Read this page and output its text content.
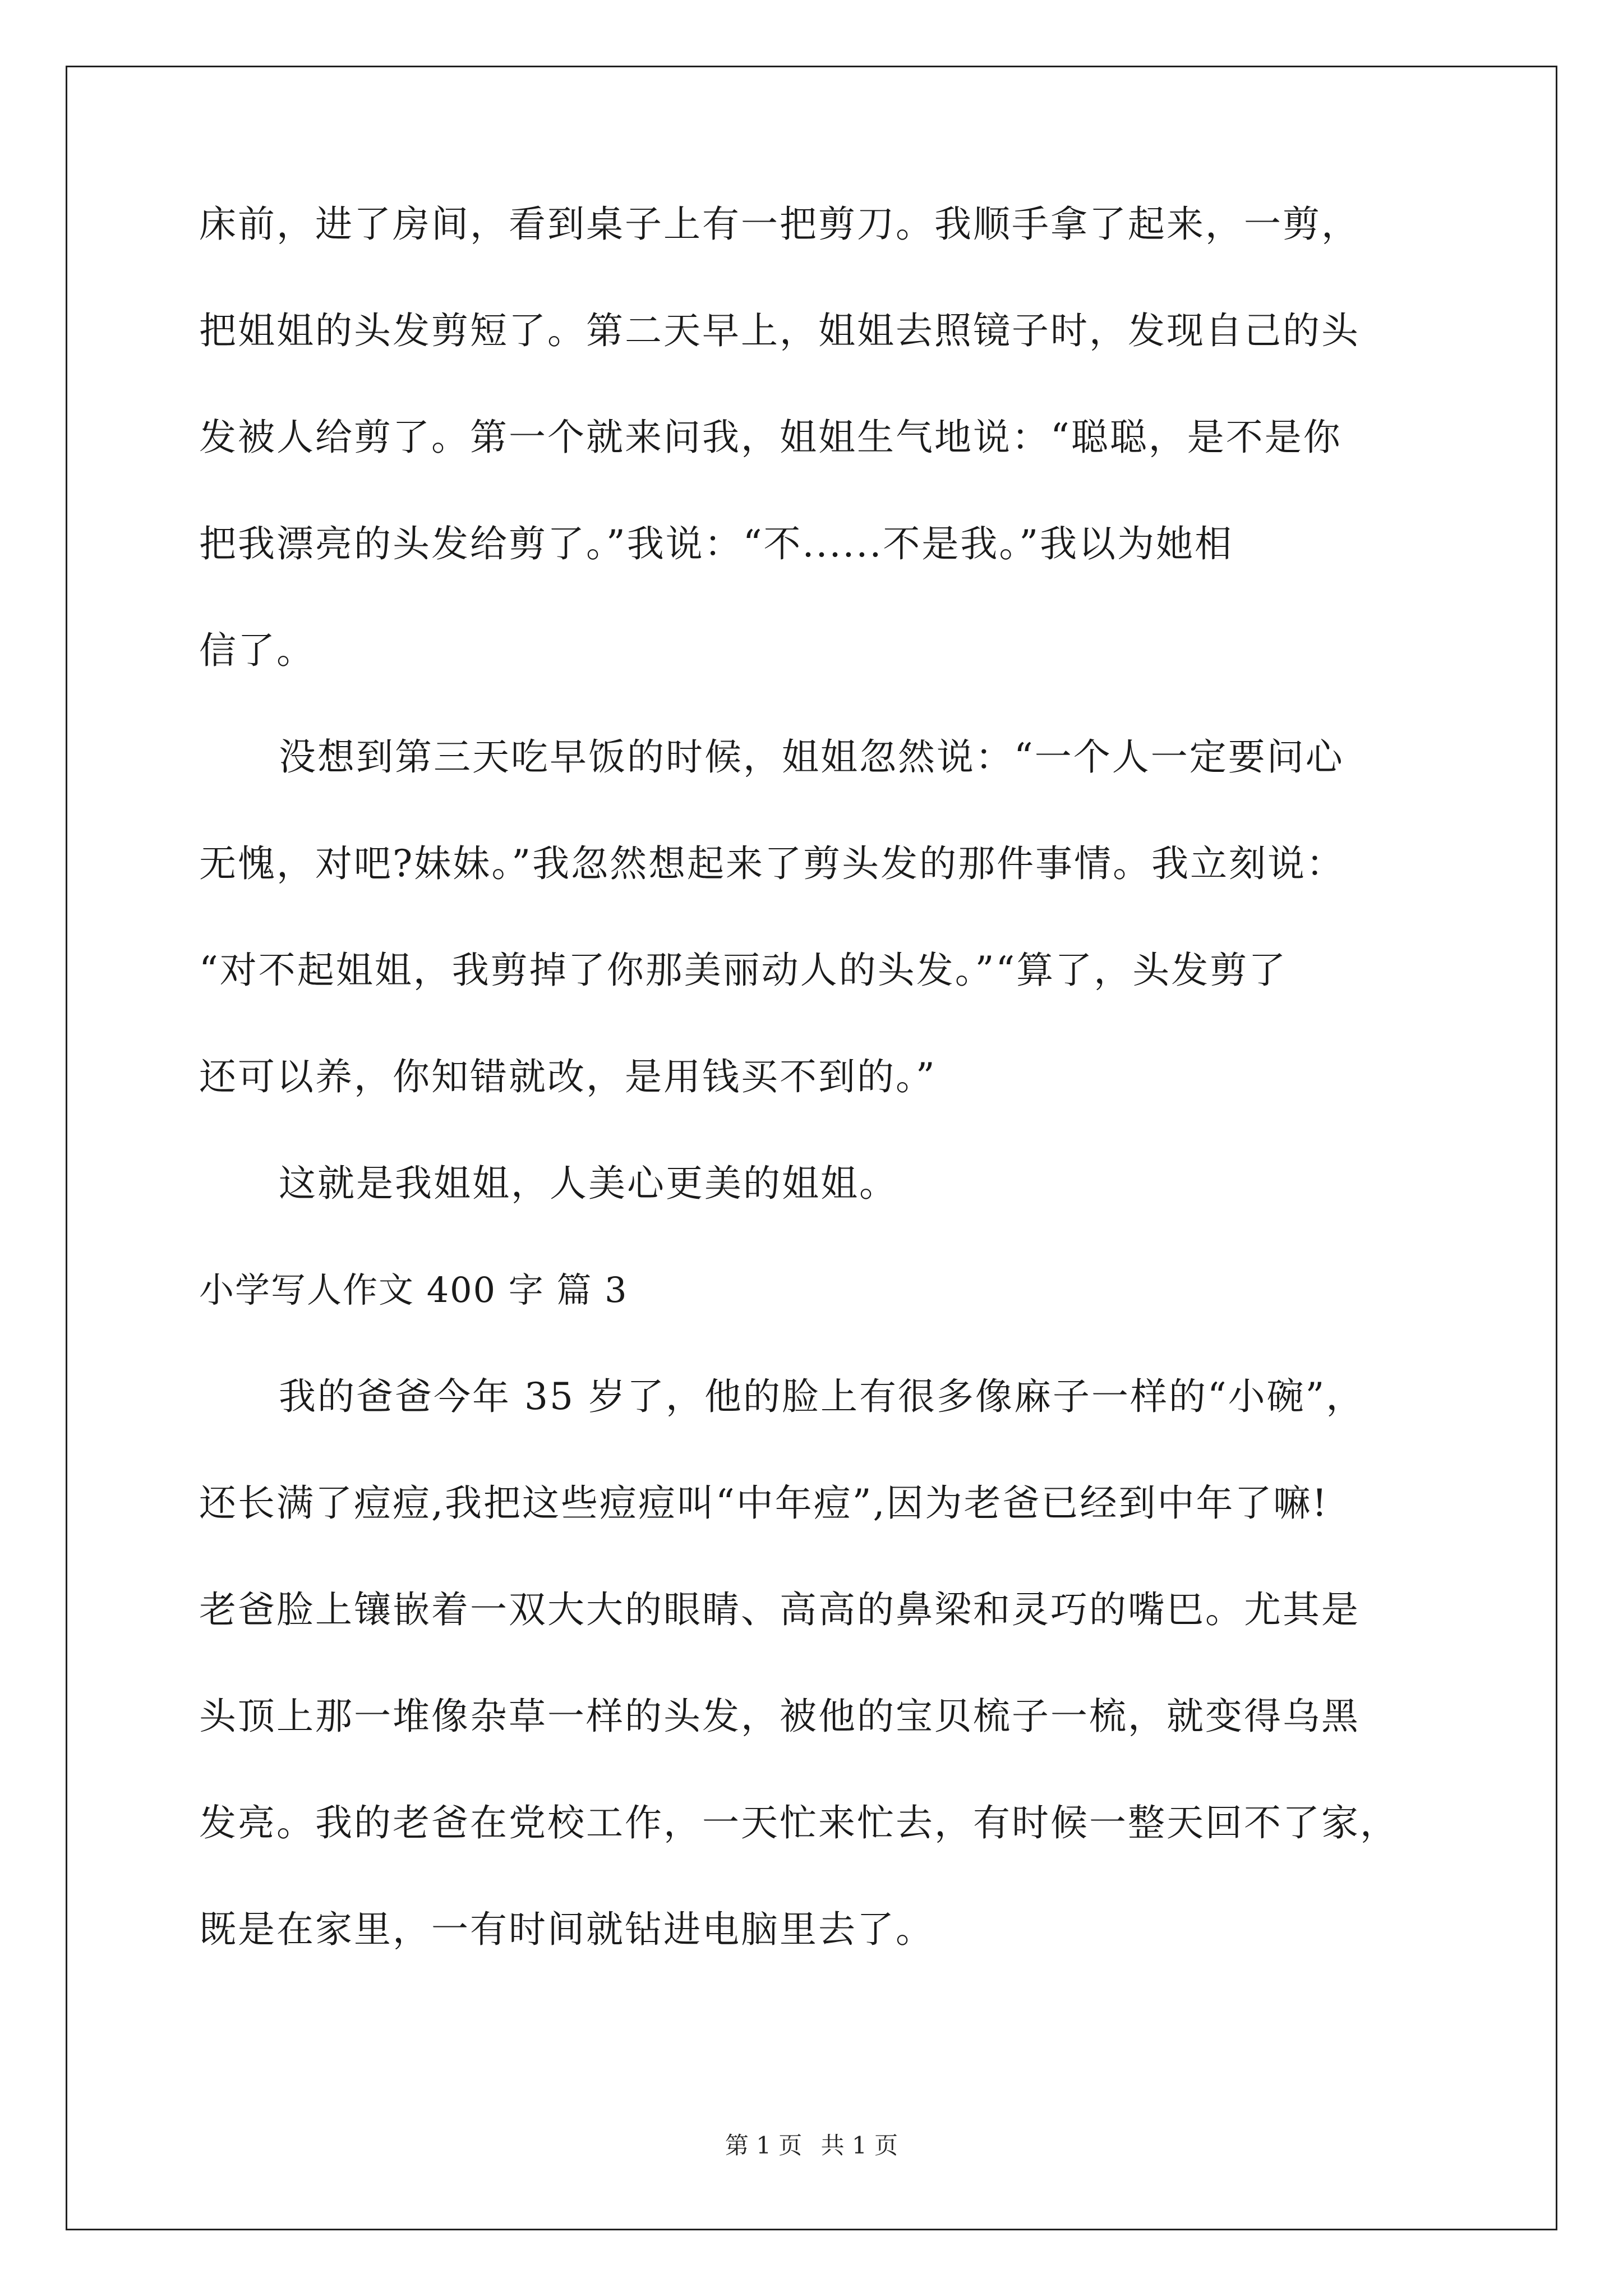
床前，进了房间，看到桌子上有一把剪刀。我顺手拿了起来，一剪，
把姐姐的头发剪短了。第二天早上，姐姐去照镜子时，发现自己的头
发被人给剪了。第一个就来问我，姐姐生气地说：“聪聪，是不是你
把我漂亮的头发给剪了。”我说：“不......不是我。”我以为她相
信了。
没想到第三天吃早饭的时候，姐姐忽然说：“一个人一定要问心
无愧，对吧?妹妹。”我忽然想起来了剪头发的那件事情。我立刻说：
“对不起姐姐，我剪掉了你那美丽动人的头发。”“算了，头发剪了
还可以养，你知错就改，是用钱买不到的。”
这就是我姐姐，人美心更美的姐姐。
小学写人作文 400 字 篇 3
我的爸爸今年 35 岁了，他的脸上有很多像麻子一样的“小碗”，
还长满了痘痘,我把这些痘痘叫“中年痘”,因为老爸已经到中年了嘛!
老爸脸上镶嵌着一双大大的眼睛、高高的鼻梁和灵巧的嘴巴。尤其是
头顶上那一堆像杂草一样的头发，被他的宝贝梳子一梳，就变得乌黑
发亮。我的老爸在党校工作，一天忙来忙去，有时候一整天回不了家，
既是在家里，一有时间就钻进电脑里去了。
第 1 页 共 1 页
